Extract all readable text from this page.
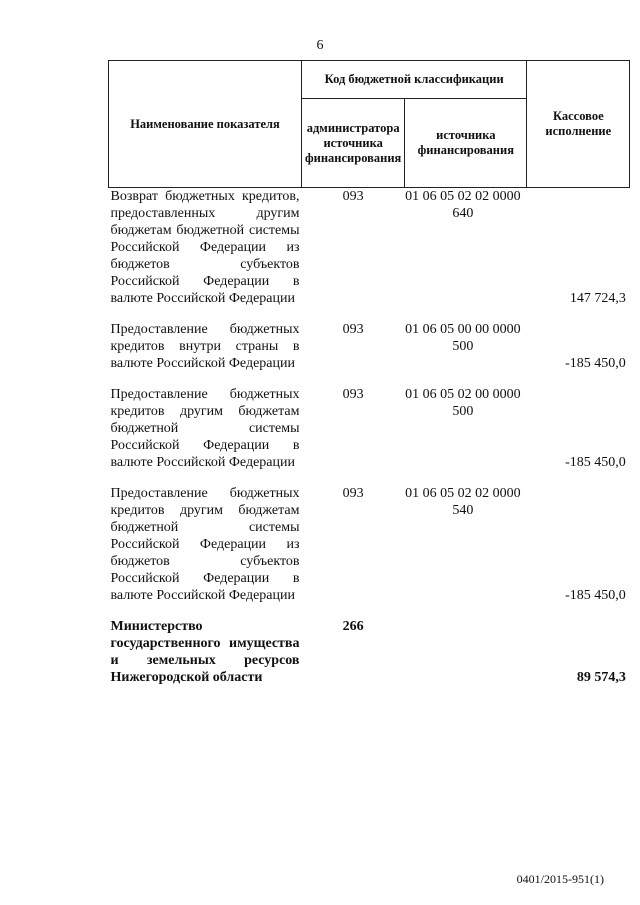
6
Наименование показателя	Код бюджетной классификации		Кассовое исполнение
	администратора источника финансирования	источника финансирования	
Возврат бюджетных кредитов, предоставленных другим бюджетам бюджетной системы Российской Федерации из бюджетов субъектов Российской Федерации в валюте Российской Федерации	093	01 06 05 02 02 0000 640	147 724,3
Предоставление бюджетных кредитов внутри страны в валюте Российской Федерации	093	01 06 05 00 00 0000 500	-185 450,0
Предоставление бюджетных кредитов другим бюджетам бюджетной системы Российской Федерации в валюте Российской Федерации	093	01 06 05 02 00 0000 500	-185 450,0
Предоставление бюджетных кредитов другим бюджетам бюджетной системы Российской Федерации из бюджетов субъектов Российской Федерации в валюте Российской Федерации	093	01 06 05 02 02 0000 540	-185 450,0
Министерство государственного имущества и земельных ресурсов Нижегородской области	266		89 574,3
0401/2015-951(1)
